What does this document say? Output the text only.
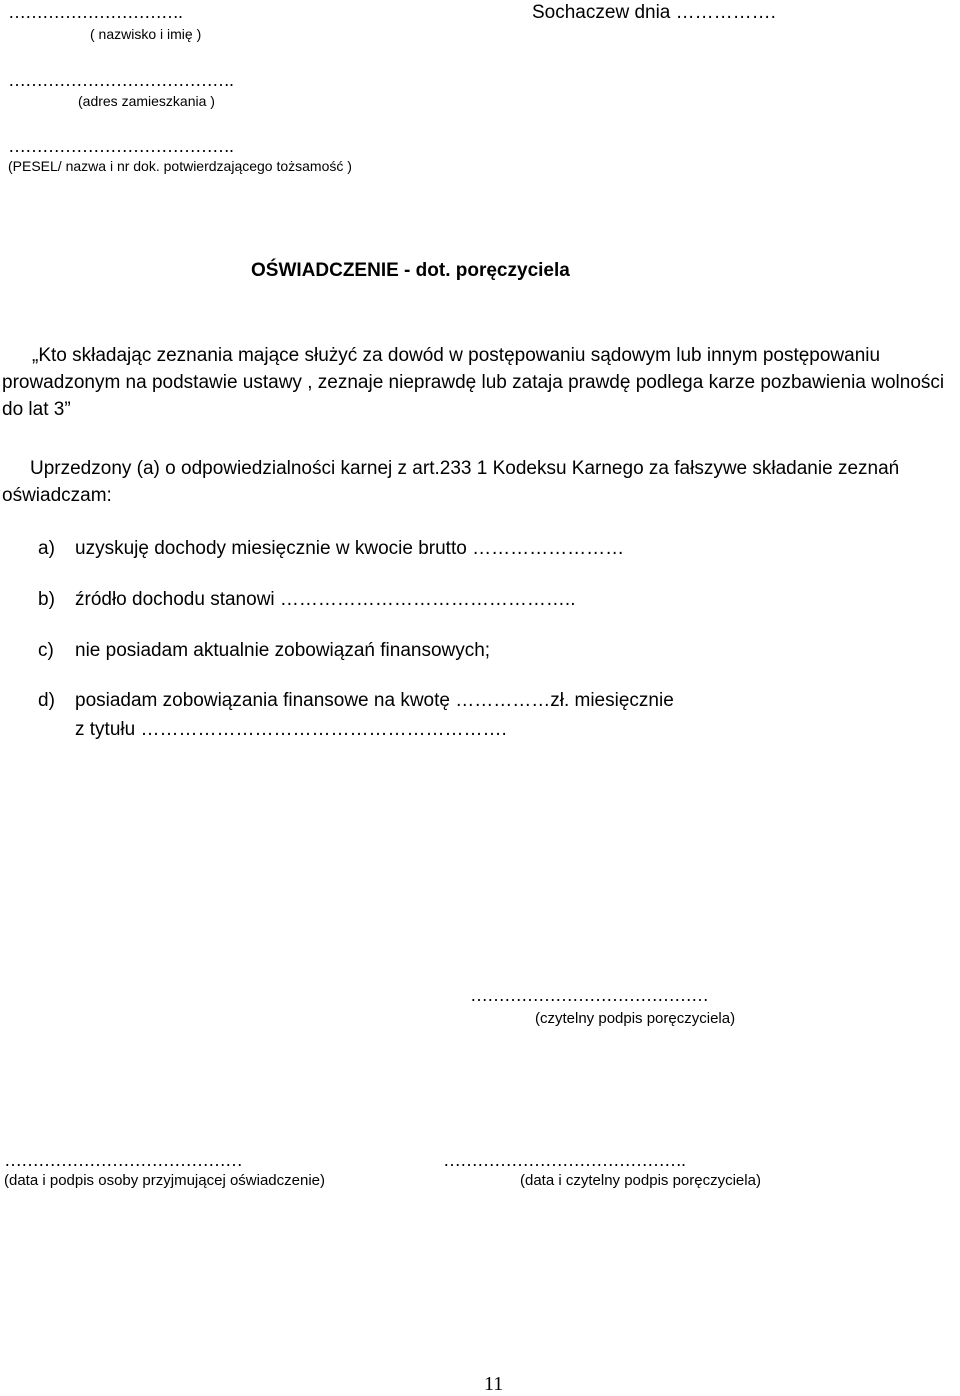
………………………….
( nazwisko i imię )
Sochaczew dnia …………….
………………………………….
(adres zamieszkania )
………………………………….
(PESEL/ nazwa i nr dok. potwierdzającego tożsamość )
OŚWIADCZENIE - dot. poręczyciela
„Kto składając zeznania mające służyć za dowód w postępowaniu sądowym lub innym postępowaniu prowadzonym na podstawie ustawy , zeznaje nieprawdę lub zataja prawdę podlega karze pozbawienia wolności do lat 3”
Uprzedzony (a) o odpowiedzialności karnej z art.233 1 Kodeksu Karnego za fałszywe składanie zeznań oświadczam:
a) uzyskuję dochody miesięcznie w kwocie brutto ……………………
b) źródło dochodu stanowi ………………………………………..
c) nie posiadam aktualnie zobowiązań finansowych;
d) posiadam zobowiązania finansowe na kwotę ……………zł. miesięcznie
z tytułu ………………………………………………….
……………………………………
(czytelny podpis poręczyciela)
……………………………………
(data i podpis osoby przyjmującej oświadczenie)
…………………………………….
(data i czytelny podpis poręczyciela)
11
